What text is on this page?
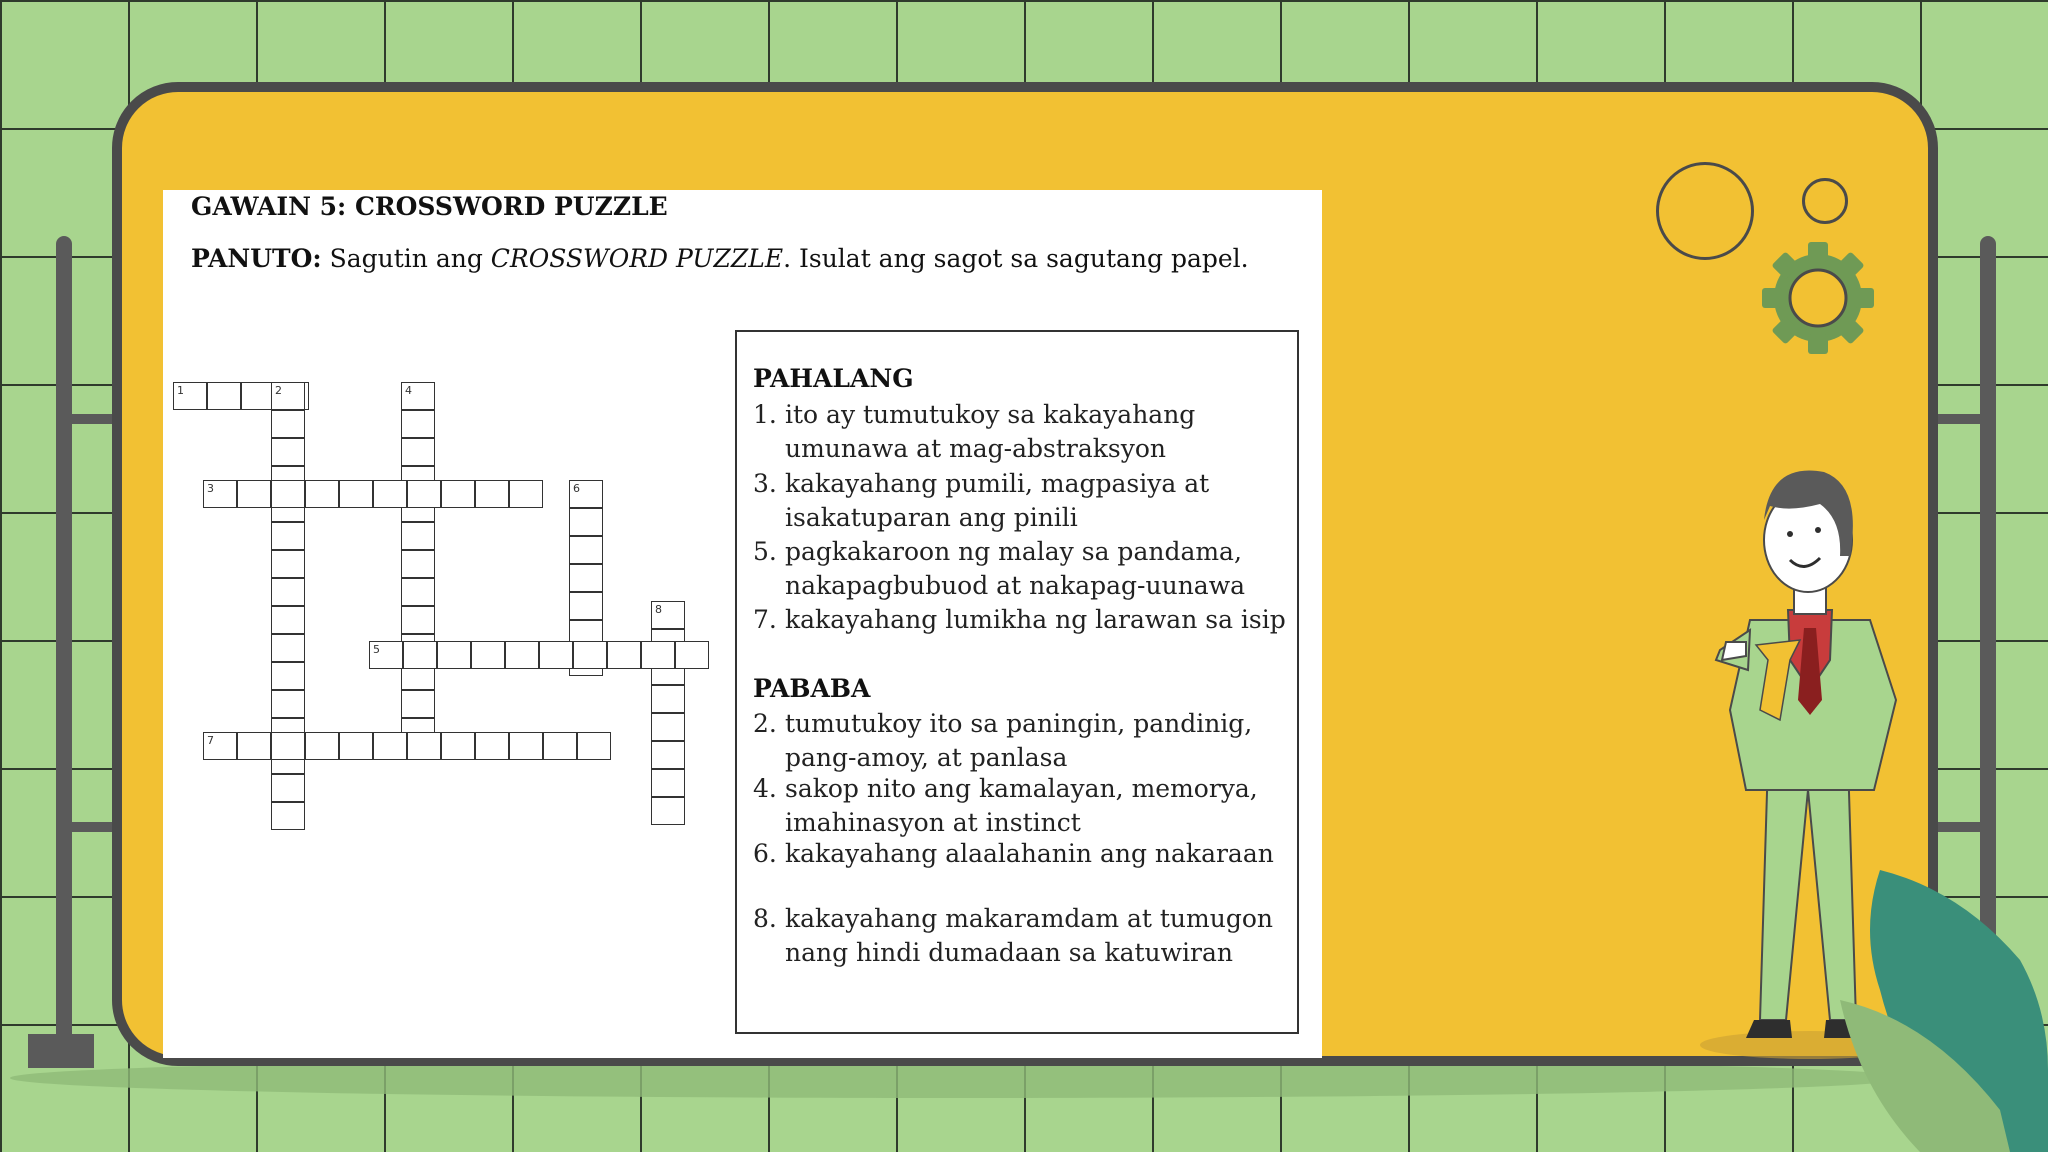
GAWAIN 5: CROSSWORD PUZZLE
PANUTO: Sagutin ang CROSSWORD PUZZLE. Isulat ang sagot sa sagutang papel.
1	2	4
3	6
8
5
7
PAHALANG
1. ito ay tumutukoy sa kakayahang umunawa at mag-abstraksyon
3. kakayahang pumili, magpasiya at isakatuparan ang pinili
5. pagkakaroon ng malay sa pandama, nakapagbubuod at nakapag-uunawa
7. kakayahang lumikha ng larawan sa isip
PABABA
2. tumutukoy ito sa paningin, pandinig, pang-amoy, at panlasa
4. sakop nito ang kamalayan, memorya, imahinasyon at instinct
6. kakayahang alaalahanin ang nakaraan
8. kakayahang makaramdam at tumugon nang hindi dumadaan sa katuwiran
